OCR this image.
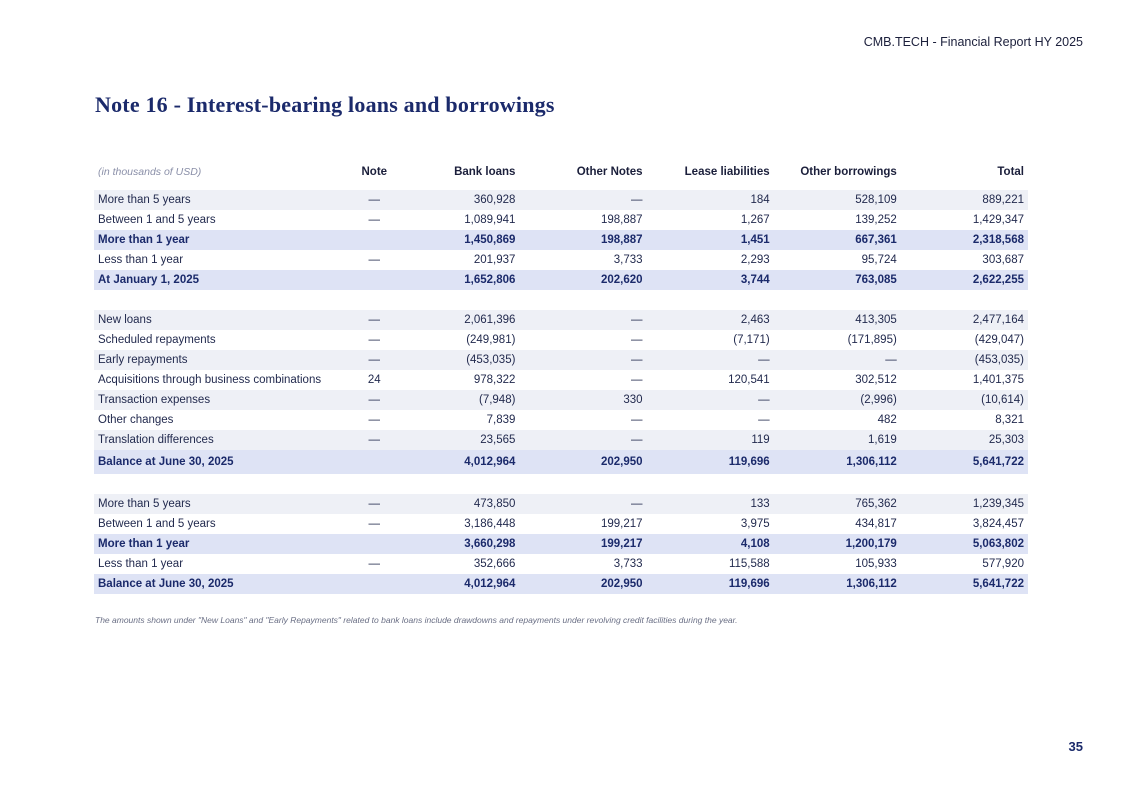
CMB.TECH - Financial Report HY 2025
Note 16 - Interest-bearing loans and borrowings
(in thousands of USD)	Note	Bank loans	Other Notes	Lease liabilities	Other borrowings	Total

More than 5 years	—	360,928	—	184	528,109	889,221
Between 1 and 5 years	—	1,089,941	198,887	1,267	139,252	1,429,347
More than 1 year		1,450,869	198,887	1,451	667,361	2,318,568
Less than 1 year	—	201,937	3,733	2,293	95,724	303,687
At January 1, 2025		1,652,806	202,620	3,744	763,085	2,622,255

New loans	—	2,061,396	—	2,463	413,305	2,477,164
Scheduled repayments	—	(249,981)	—	(7,171)	(171,895)	(429,047)
Early repayments	—	(453,035)	—	—	—	(453,035)
Acquisitions through business combinations	24	978,322	—	120,541	302,512	1,401,375
Transaction expenses	—	(7,948)	330	—	(2,996)	(10,614)
Other changes	—	7,839	—	—	482	8,321
Translation differences	—	23,565	—	119	1,619	25,303
Balance at June 30, 2025		4,012,964	202,950	119,696	1,306,112	5,641,722

More than 5 years	—	473,850	—	133	765,362	1,239,345
Between 1 and 5 years	—	3,186,448	199,217	3,975	434,817	3,824,457
More than 1 year		3,660,298	199,217	4,108	1,200,179	5,063,802
Less than 1 year	—	352,666	3,733	115,588	105,933	577,920
Balance at June 30, 2025		4,012,964	202,950	119,696	1,306,112	5,641,722
The amounts shown under "New Loans" and "Early Repayments" related to bank loans include drawdowns and repayments under revolving credit facilities during the year.
35
